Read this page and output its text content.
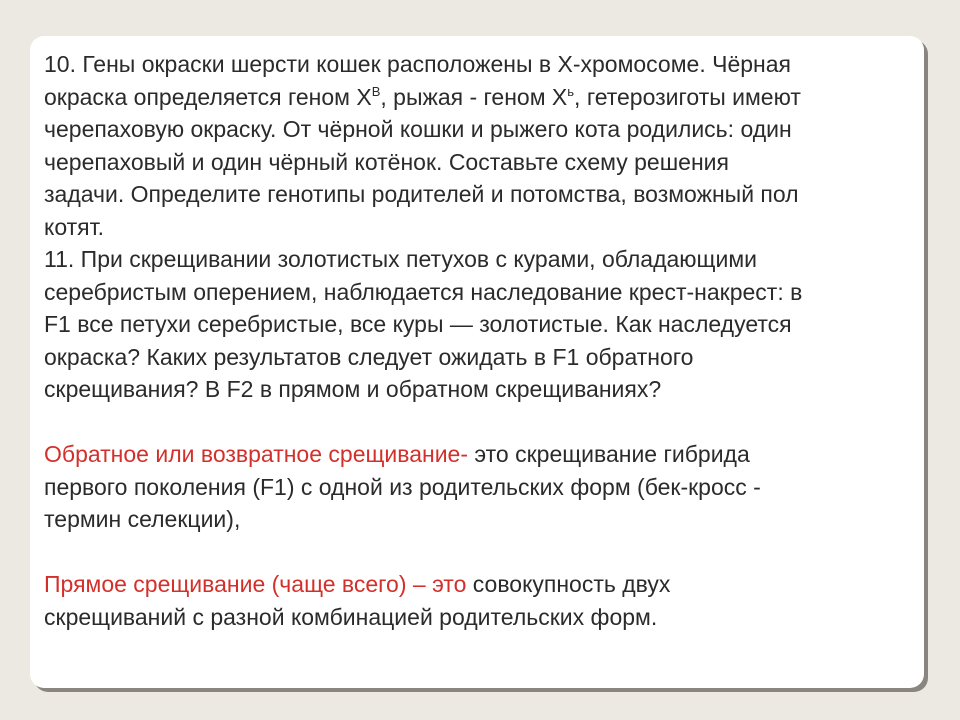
10. Гены окраски шерсти кошек расположены в Х-хромосоме. Чёрная
окраска определяется геном $Х^В$, рыжая - геном $Х^ь$, гетерозиготы имеют
черепаховую окраску. От чёрной кошки и рыжего кота родились: один
черепаховый и один чёрный котёнок. Составьте схему решения
задачи. Определите генотипы родителей и потомства, возможный пол
котят.
11. При скрещивании золотистых петухов с курами, обладающими
серебристым оперением, наблюдается наследование крест-накрест: в
F1 все петухи серебристые, все куры — золотистые. Как наследуется
окраска? Каких результатов следует ожидать в F1 обратного
скрещивания? В F2 в прямом и обратном скрещиваниях?
Обратное или возвратное срещивание- это скрещивание гибрида
первого поколения (F1) с одной из родительских форм (бек-кросс -
термин селекции),
Прямое срещивание (чаще всего) – это совокупность двух
скрещиваний с разной комбинацией родительских форм.
